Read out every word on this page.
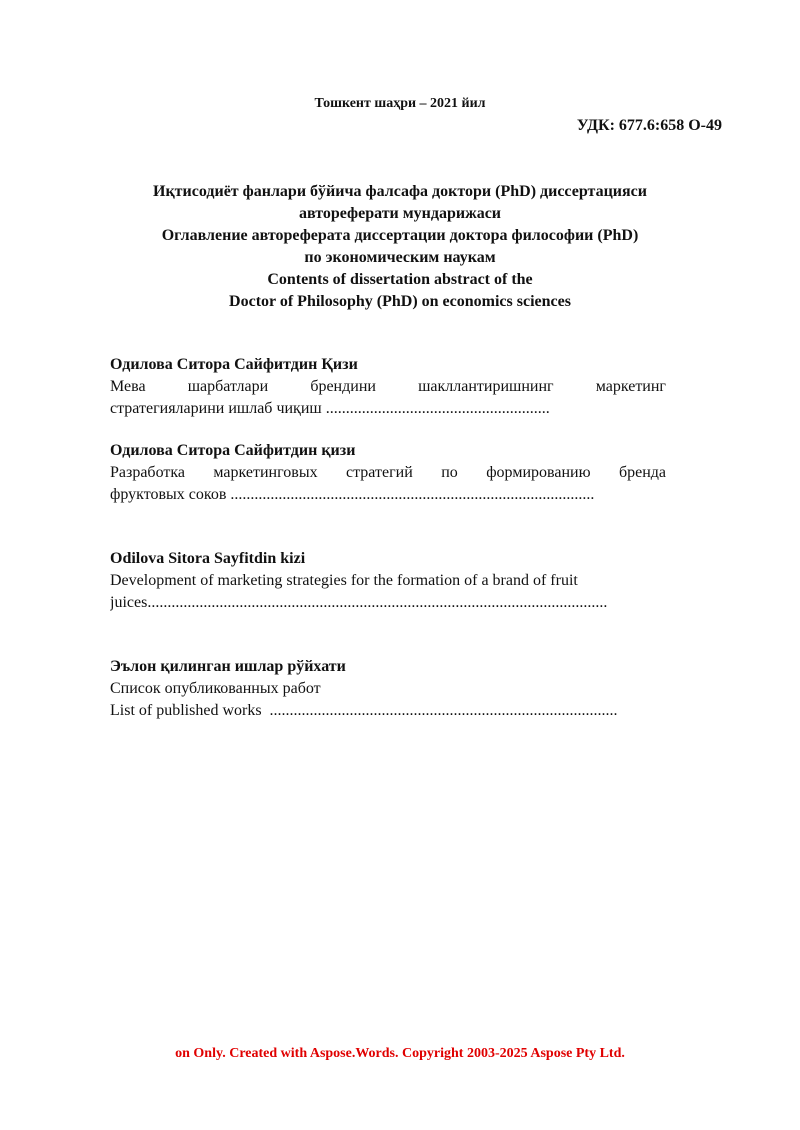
Тошкент шаҳри – 2021 йил
УДК: 677.6:658 О-49
Иқтисодиёт фанлари бўйича фалсафа доктори (PhD) диссертацияси
автореферати мундарижаси
Оглавление автореферата диссертации доктора философии (PhD)
по экономическим наукам
Contents of dissertation abstract of the
Doctor of Philosophy (PhD) on economics sciences
Одилова Ситора Сайфитдин Қизи
Мева шарбатлари брендини шакллантиришнинг маркетинг
стратегияларини ишлаб чиқиш ........................................................
Одилова Ситора Сайфитдин қизи
Разработка маркетинговых стратегий по формированию бренда
фруктовых соков ...........................................................................................
Odilova Sitora Sayfitdin kizi
Development of marketing strategies for the formation of a brand of fruit
juices...................................................................................................................
Эълон қилинган ишлар рўйхати
Список опубликованных работ
List of published works .......................................................................................
on Only. Created with Aspose.Words. Copyright 2003-2025 Aspose Pty Ltd.
